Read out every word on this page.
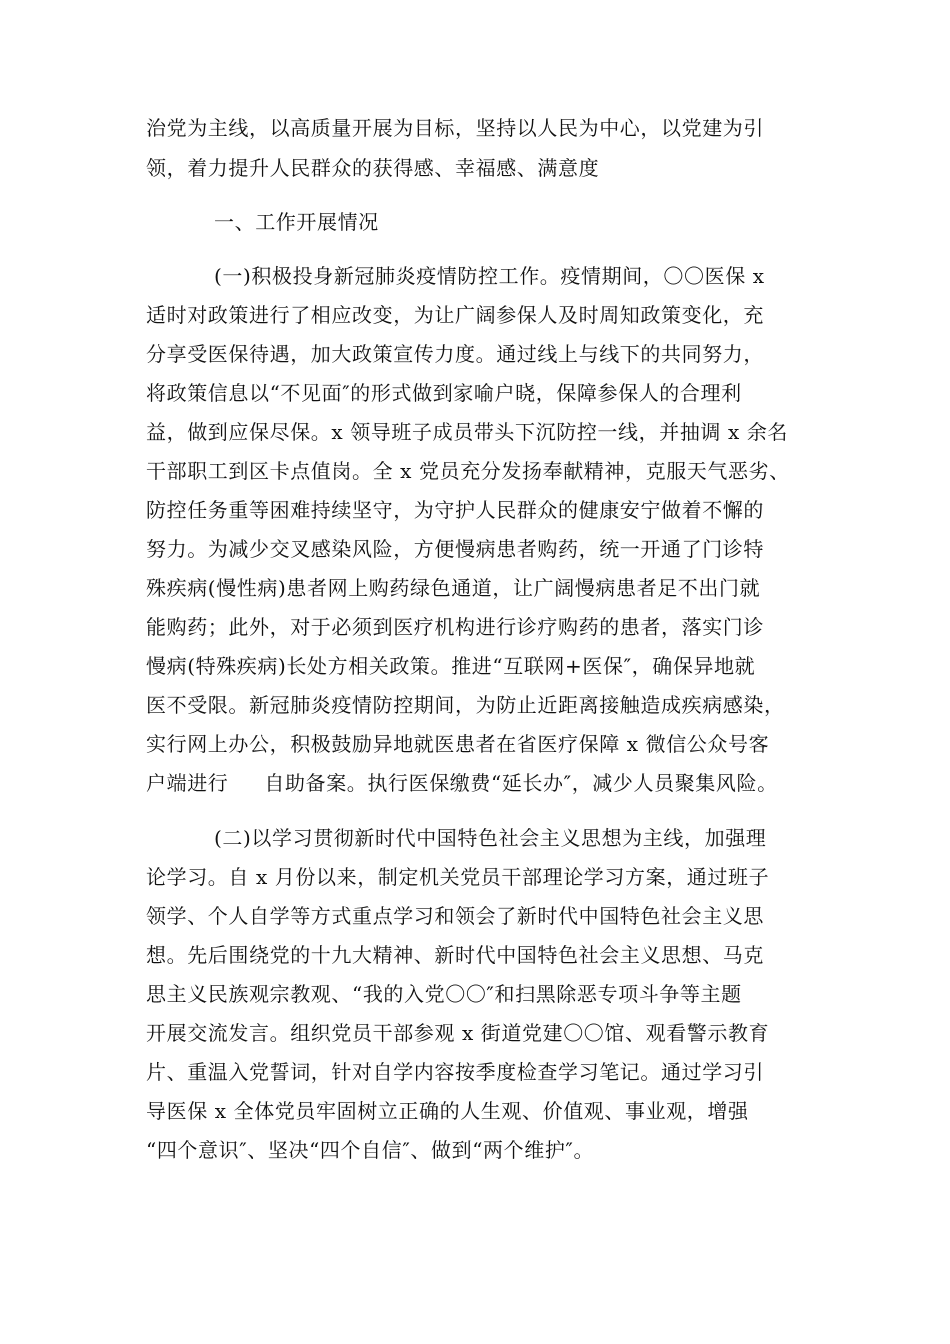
治党为主线，以高质量开展为目标，坚持以人民为中心，以党建为引
领，着力提升人民群众的获得感、幸福感、满意度
一、工作开展情况
(一)积极投身新冠肺炎疫情防控工作。疫情期间，〇〇医保 x
适时对政策进行了相应改变，为让广阔参保人及时周知政策变化，充
分享受医保待遇，加大政策宣传力度。通过线上与线下的共同努力，
将政策信息以“不见面″的形式做到家喻户晓，保障参保人的合理利
益，做到应保尽保。x 领导班子成员带头下沉防控一线，并抽调 x 余名
干部职工到区卡点值岗。全 x 党员充分发扬奉献精神，克服天气恶劣、
防控任务重等困难持续坚守，为守护人民群众的健康安宁做着不懈的
努力。为减少交叉感染风险，方便慢病患者购药，统一开通了门诊特
殊疾病(慢性病)患者网上购药绿色通道，让广阔慢病患者足不出门就
能购药；此外，对于必须到医疗机构进行诊疗购药的患者，落实门诊
慢病(特殊疾病)长处方相关政策。推进“互联网+医保″，确保异地就
医不受限。新冠肺炎疫情防控期间，为防止近距离接触造成疾病感染，
实行网上办公，积极鼓励异地就医患者在省医疗保障 x 微信公众号客
户端进行 自助备案。执行医保缴费“延长办″，减少人员聚集风险。
(二)以学习贯彻新时代中国特色社会主义思想为主线，加强理
论学习。自 x 月份以来，制定机关党员干部理论学习方案，通过班子
领学、个人自学等方式重点学习和领会了新时代中国特色社会主义思
想。先后围绕党的十九大精神、新时代中国特色社会主义思想、马克
思主义民族观宗教观、“我的入党〇〇″和扫黑除恶专项斗争等主题
开展交流发言。组织党员干部参观 x 街道党建〇〇馆、观看警示教育
片、重温入党誓词，针对自学内容按季度检查学习笔记。通过学习引
导医保 x 全体党员牢固树立正确的人生观、价值观、事业观，增强
“四个意识″、坚决“四个自信″、做到“两个维护″。
